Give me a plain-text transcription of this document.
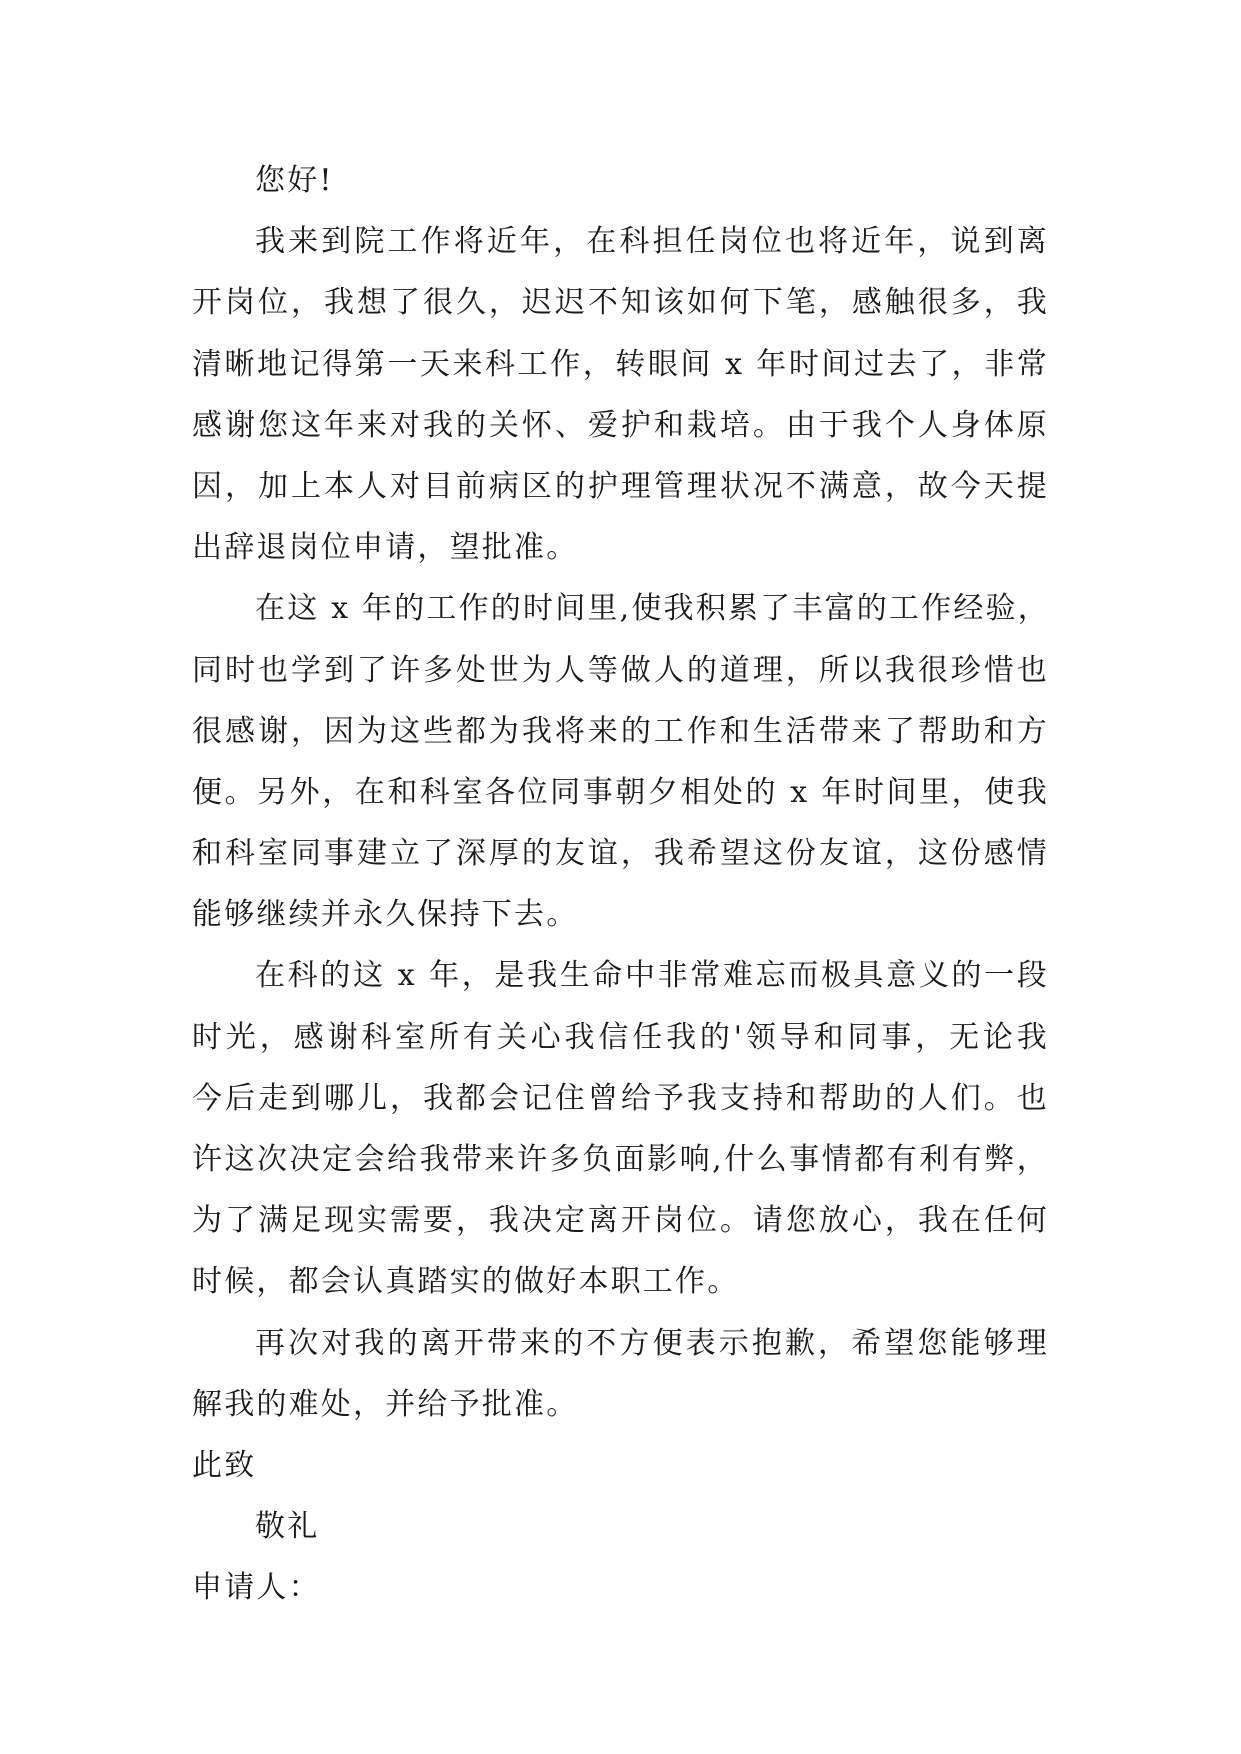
您好!
我来到院工作将近年，在科担任岗位也将近年，说到离
开岗位，我想了很久，迟迟不知该如何下笔，感触很多，我
清晰地记得第一天来科工作，转眼间 x 年时间过去了，非常
感谢您这年来对我的关怀、爱护和栽培。由于我个人身体原
因，加上本人对目前病区的护理管理状况不满意，故今天提
出辞退岗位申请，望批准。
在这 x 年的工作的时间里,使我积累了丰富的工作经验，
同时也学到了许多处世为人等做人的道理，所以我很珍惜也
很感谢，因为这些都为我将来的工作和生活带来了帮助和方
便。另外，在和科室各位同事朝夕相处的 x 年时间里，使我
和科室同事建立了深厚的友谊，我希望这份友谊，这份感情
能够继续并永久保持下去。
在科的这 x 年，是我生命中非常难忘而极具意义的一段
时光，感谢科室所有关心我信任我的'领导和同事，无论我
今后走到哪儿，我都会记住曾给予我支持和帮助的人们。也
许这次决定会给我带来许多负面影响,什么事情都有利有弊，
为了满足现实需要，我决定离开岗位。请您放心，我在任何
时候，都会认真踏实的做好本职工作。
再次对我的离开带来的不方便表示抱歉，希望您能够理
解我的难处，并给予批准。
此致
敬礼
申请人：
